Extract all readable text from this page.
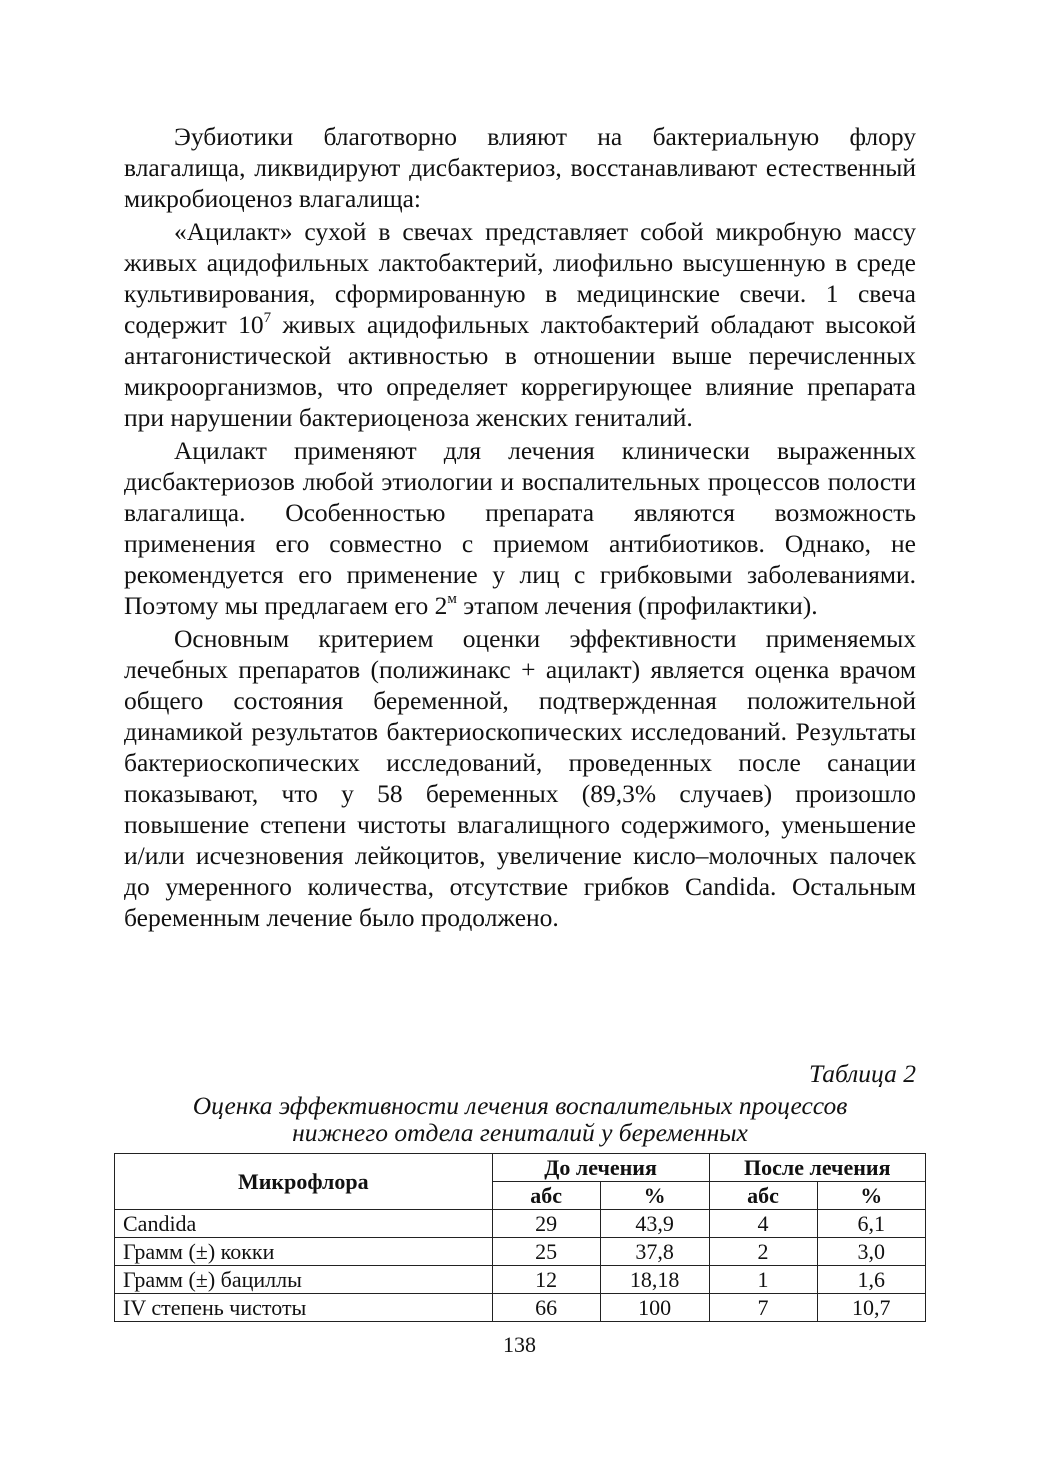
Эубиотики благотворно влияют на бактериальную флору влагалища, ликвидируют дисбактериоз, восстанавливают естественный микробиоценоз влагалища:

«Ацилакт» сухой в свечах представляет собой микробную массу живых ацидофильных лактобактерий, лиофильно высушенную в среде культивирования, сформированную в медицинские свечи. 1 свеча содержит $10^7$ живых ацидофильных лактобактерий обладают высокой антагонистической активностью в отношении выше перечисленных микроорганизмов, что определяет коррегирующее влияние препарата при нарушении бактериоценоза женских гениталий.

Ацилакт применяют для лечения клинически выраженных дисбактериозов любой этиологии и воспалительных процессов полости влагалища. Особенностью препарата являются возможность применения его совместно с приемом антибиотиков. Однако, не рекомендуется его применение у лиц с грибковыми заболеваниями. Поэтому мы предлагаем его $2^м$ этапом лечения (профилактики).

Основным критерием оценки эффективности применяемых лечебных препаратов (полижинакс + ацилакт) является оценка врачом общего состояния беременной, подтвержденная положительной динамикой результатов бактериоскопических исследований. Результаты бактериоскопических исследований, проведенных после санации показывают, что у 58 беременных (89,3% случаев) произошло повышение степени чистоты влагалищного содержимого, уменьшение и/или исчезновения лейкоцитов, увеличение кисло–молочных палочек до умеренного количества, отсутствие грибков Candida. Остальным беременным лечение было продолжено.

Таблица 2
Оценка эффективности лечения воспалительных процессов
нижнего отдела гениталий у беременных
Микрофлора	До лечения		После лечения	
	абс	%	абс	%
Candida	29	43,9	4	6,1
Грамм (±) кокки	25	37,8	2	3,0
Грамм (±) бациллы	12	18,18	1	1,6
IV степень чистоты	66	100	7	10,7
138
